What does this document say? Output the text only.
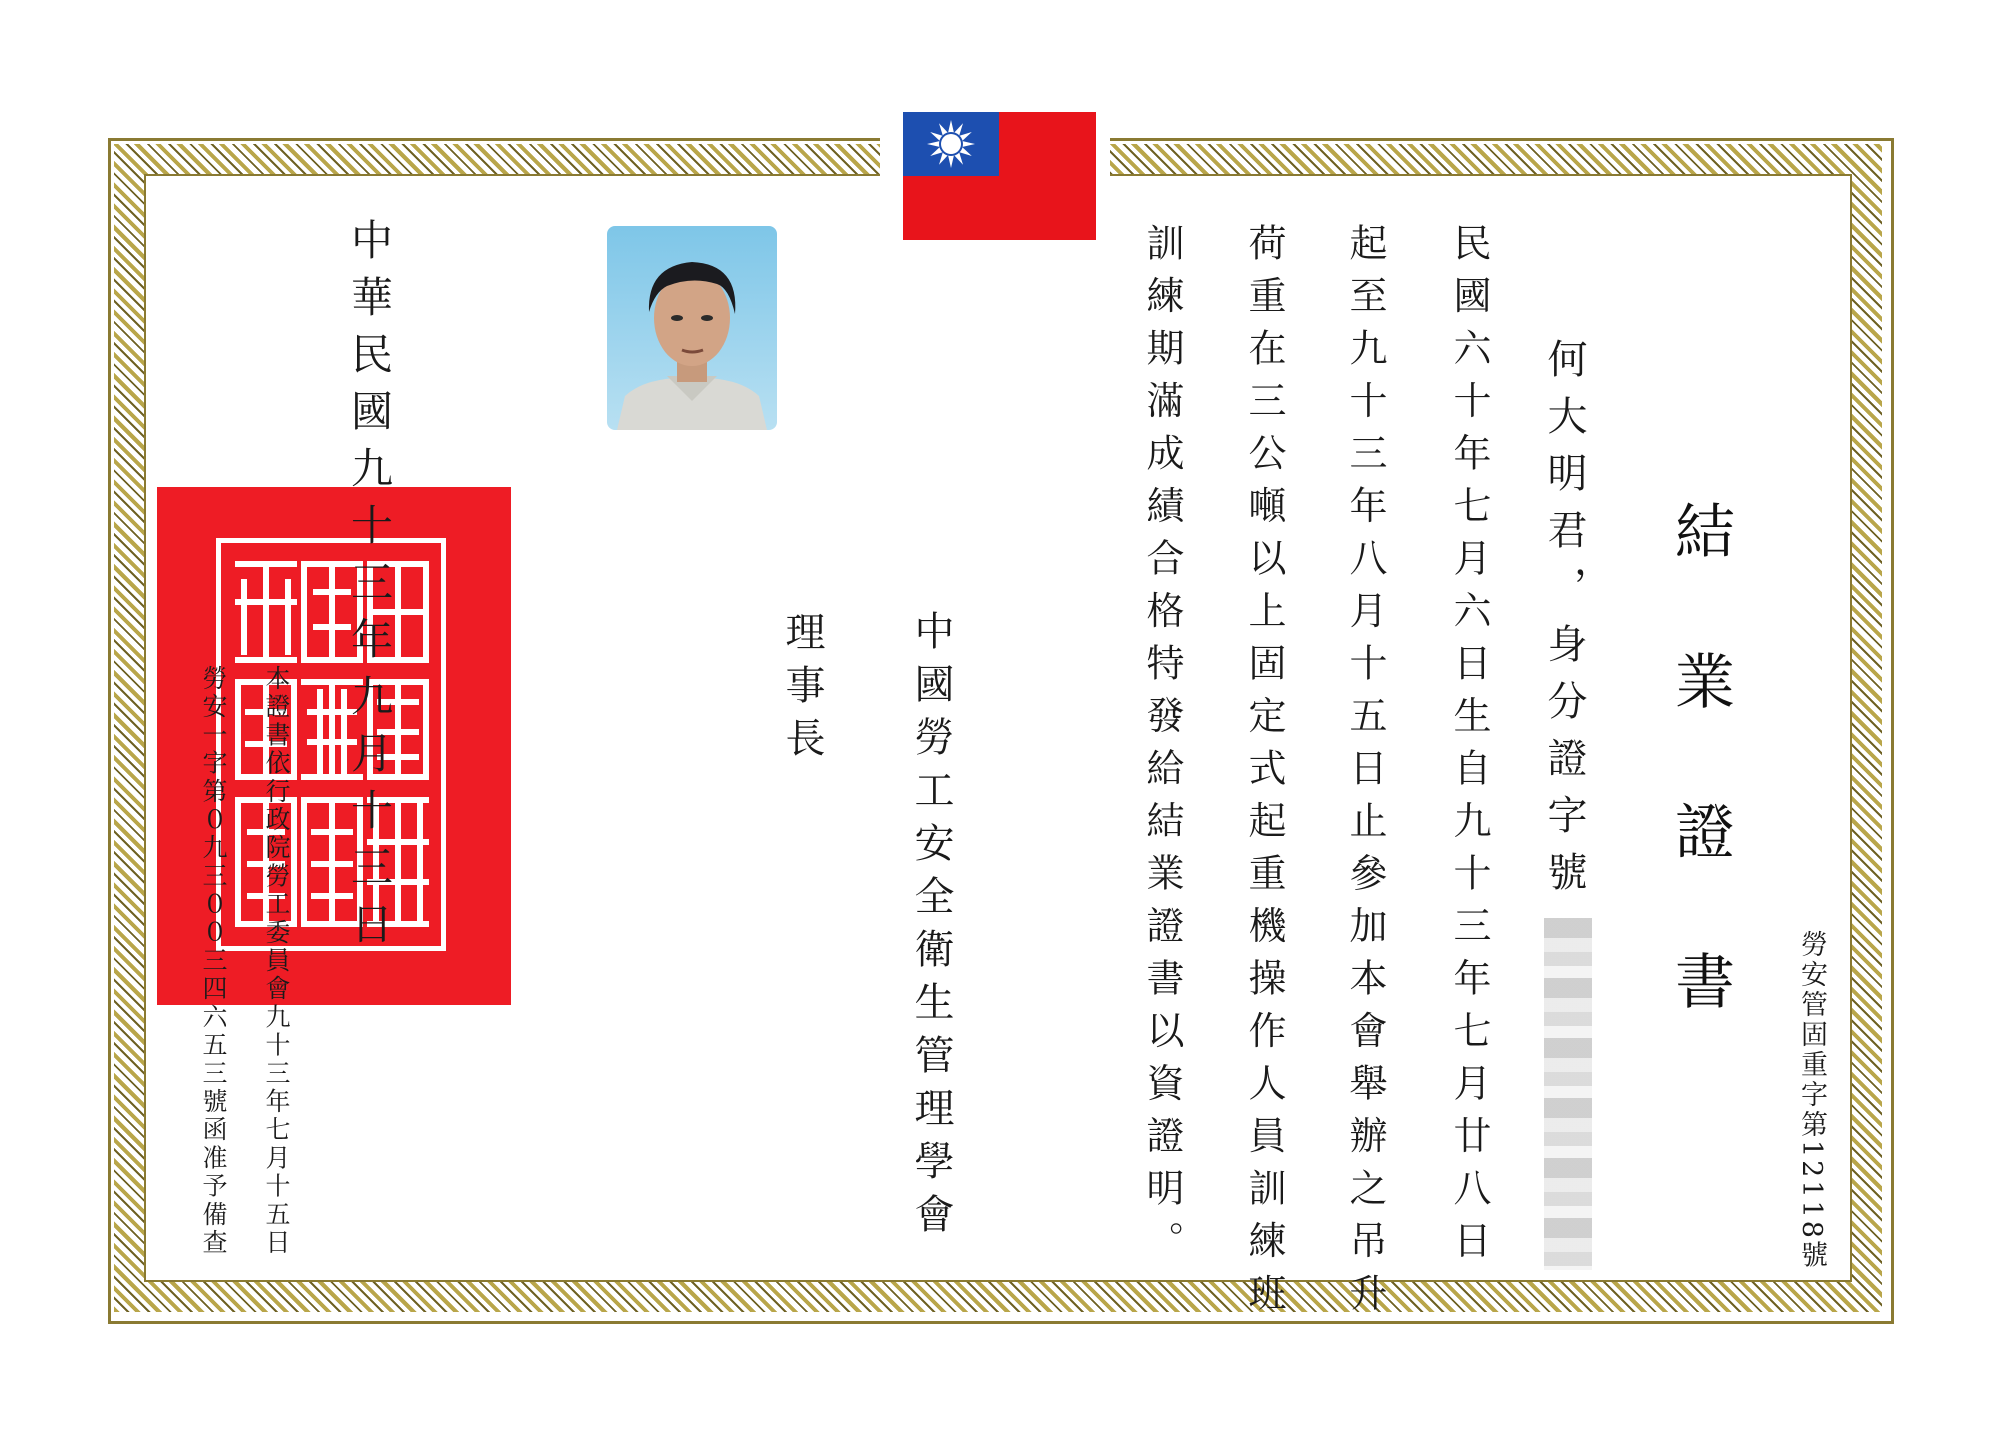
結業證書 勞安管固重字第12118號
何大明君，身分證字號
民國六十年七月六日生自九十三年七月廿八日
起至九十三年八月十五日止參加本會舉辦之吊升
荷重在三公噸以上固定式起重機操作人員訓練班
訓練期滿成績合格特發給結業證書以資證明。
中國勞工安全衛生管理學會
理事長
中華民國九十三年九月十三日
本證書依行政院勞工委員會九十三年七月十五日
勞安一字第０九三００三四六五三號函准予備查
